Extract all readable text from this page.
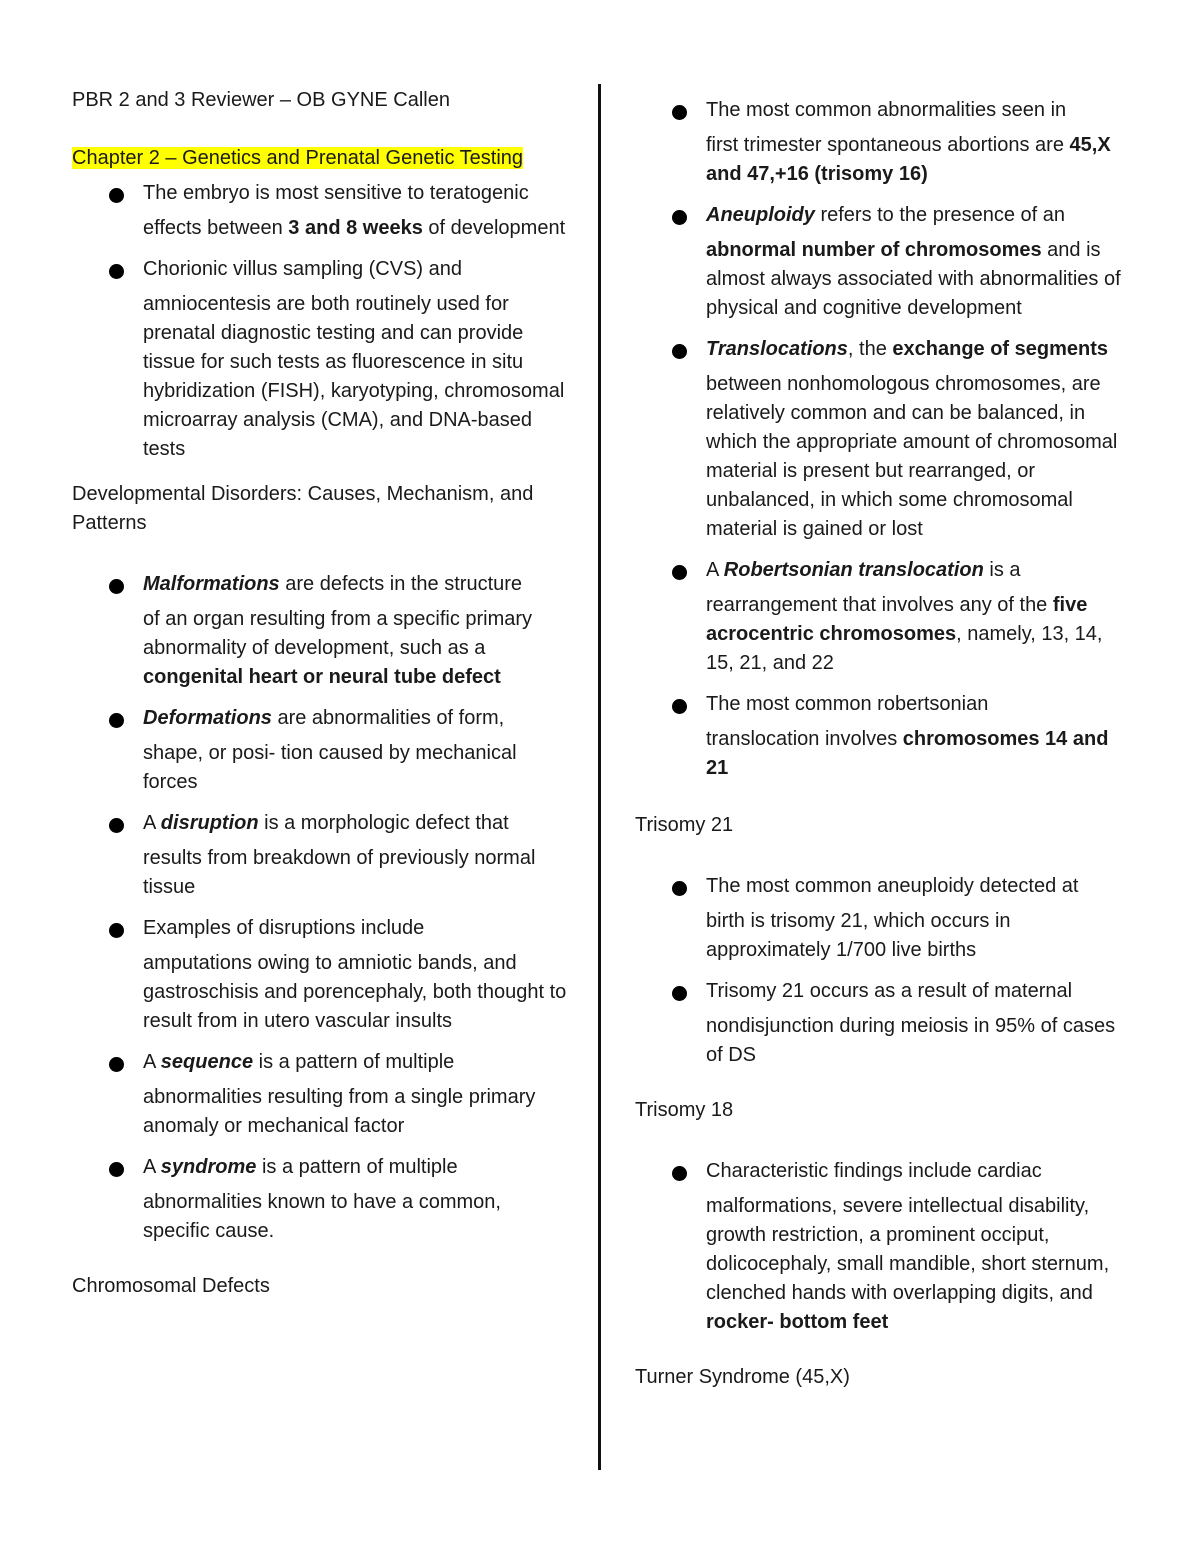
PBR 2 and 3 Reviewer – OB GYNE Callen

Chapter 2 – Genetics and Prenatal Genetic Testing

The embryo is most sensitive to teratogenic
effects between 3 and 8 weeks of development
Chorionic villus sampling (CVS) and
amniocentesis are both routinely used for prenatal diagnostic testing and can provide tissue for such tests as fluorescence in situ hybridization (FISH), karyotyping, chromosomal microarray analysis (CMA), and DNA-based tests

Developmental Disorders: Causes, Mechanism, and Patterns

Malformations are defects in the structure
of an organ resulting from a specific primary abnormality of development, such as a congenital heart or neural tube defect
Deformations are abnormalities of form,
shape, or posi- tion caused by mechanical forces
A disruption is a morphologic defect that
results from breakdown of previously normal tissue
Examples of disruptions include
amputations owing to amniotic bands, and gastroschisis and porencephaly, both thought to result from in utero vascular insults
A sequence is a pattern of multiple
abnormalities resulting from a single primary anomaly or mechanical factor
A syndrome is a pattern of multiple
abnormalities known to have a common, specific cause.

Chromosomal Defects

The most common abnormalities seen in
first trimester spontaneous abortions are 45,X and 47,+16 (trisomy 16)
Aneuploidy refers to the presence of an
abnormal number of chromosomes and is almost always associated with abnormalities of physical and cognitive development
Translocations, the exchange of segments
between nonhomologous chromosomes, are relatively common and can be balanced, in which the appropriate amount of chromosomal material is present but rearranged, or unbalanced, in which some chromosomal material is gained or lost
A Robertsonian translocation is a
rearrangement that involves any of the five acrocentric chromosomes, namely, 13, 14, 15, 21, and 22
The most common robertsonian
translocation involves chromosomes 14 and 21

Trisomy 21

The most common aneuploidy detected at
birth is trisomy 21, which occurs in approximately 1/700 live births
Trisomy 21 occurs as a result of maternal
nondisjunction during meiosis in 95% of cases of DS

Trisomy 18

Characteristic findings include cardiac
malformations, severe intellectual disability, growth restriction, a prominent occiput, dolicocephaly, small mandible, short sternum, clenched hands with overlapping digits, and rocker- bottom feet

Turner Syndrome (45,X)
